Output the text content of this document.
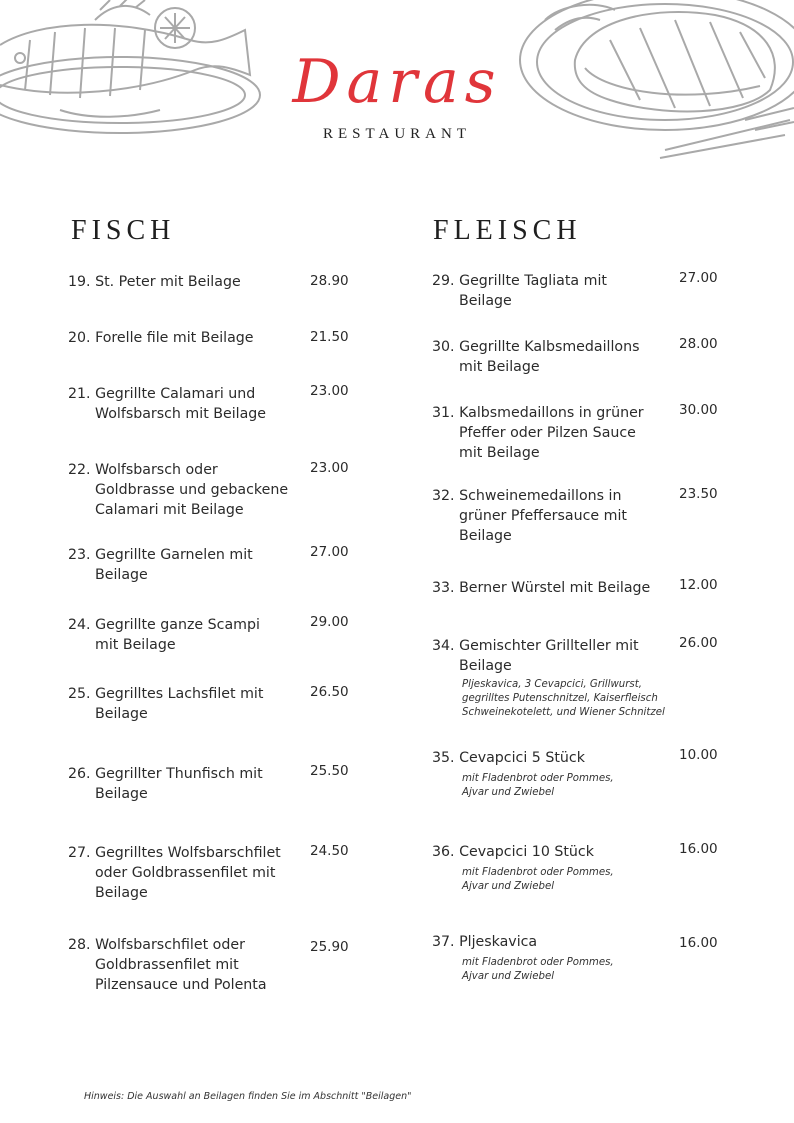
Daras
RESTAURANT
FISCH
19. St. Peter mit Beilage	28.90
20. Forelle file mit Beilage	21.50
21. Gegrillte Calamari und
Wolfsbarsch mit Beilage
23.00
22. Wolfsbarsch oder
Goldbrasse und gebackene
Calamari mit Beilage
23.00
23. Gegrillte Garnelen mit
Beilage
27.00
24. Gegrillte ganze Scampi
mit Beilage
29.00
25. Gegrilltes Lachsfilet mit
Beilage
26.50
26. Gegrillter Thunfisch mit
Beilage
25.50
27. Gegrilltes Wolfsbarschfilet
oder Goldbrassenfilet mit
Beilage
24.50
28. Wolfsbarschfilet oder
Goldbrassenfilet mit
Pilzensauce und Polenta
25.90
FLEISCH
29. Gegrillte Tagliata mit
Beilage
27.00
30. Gegrillte Kalbsmedaillons
mit Beilage
28.00
31. Kalbsmedaillons in grüner
Pfeffer oder Pilzen Sauce
mit Beilage
30.00
32. Schweinemedaillons in
grüner Pfeffersauce mit
Beilage
23.50
33. Berner Würstel mit Beilage	12.00
34. Gemischter Grillteller mit
Beilage
Pljeskavica, 3 Cevapcici, Grillwurst,
gegrilltes Putenschnitzel, Kaiserfleisch
Schweinekotelett, und Wiener Schnitzel
26.00
35. Cevapcici 5 Stück
mit Fladenbrot oder Pommes,
Ajvar und Zwiebel
10.00
36. Cevapcici 10 Stück
mit Fladenbrot oder Pommes,
Ajvar und Zwiebel
16.00
37. Pljeskavica
mit Fladenbrot oder Pommes,
Ajvar und Zwiebel
16.00
Hinweis: Die Auswahl an Beilagen finden Sie im Abschnitt "Beilagen"
